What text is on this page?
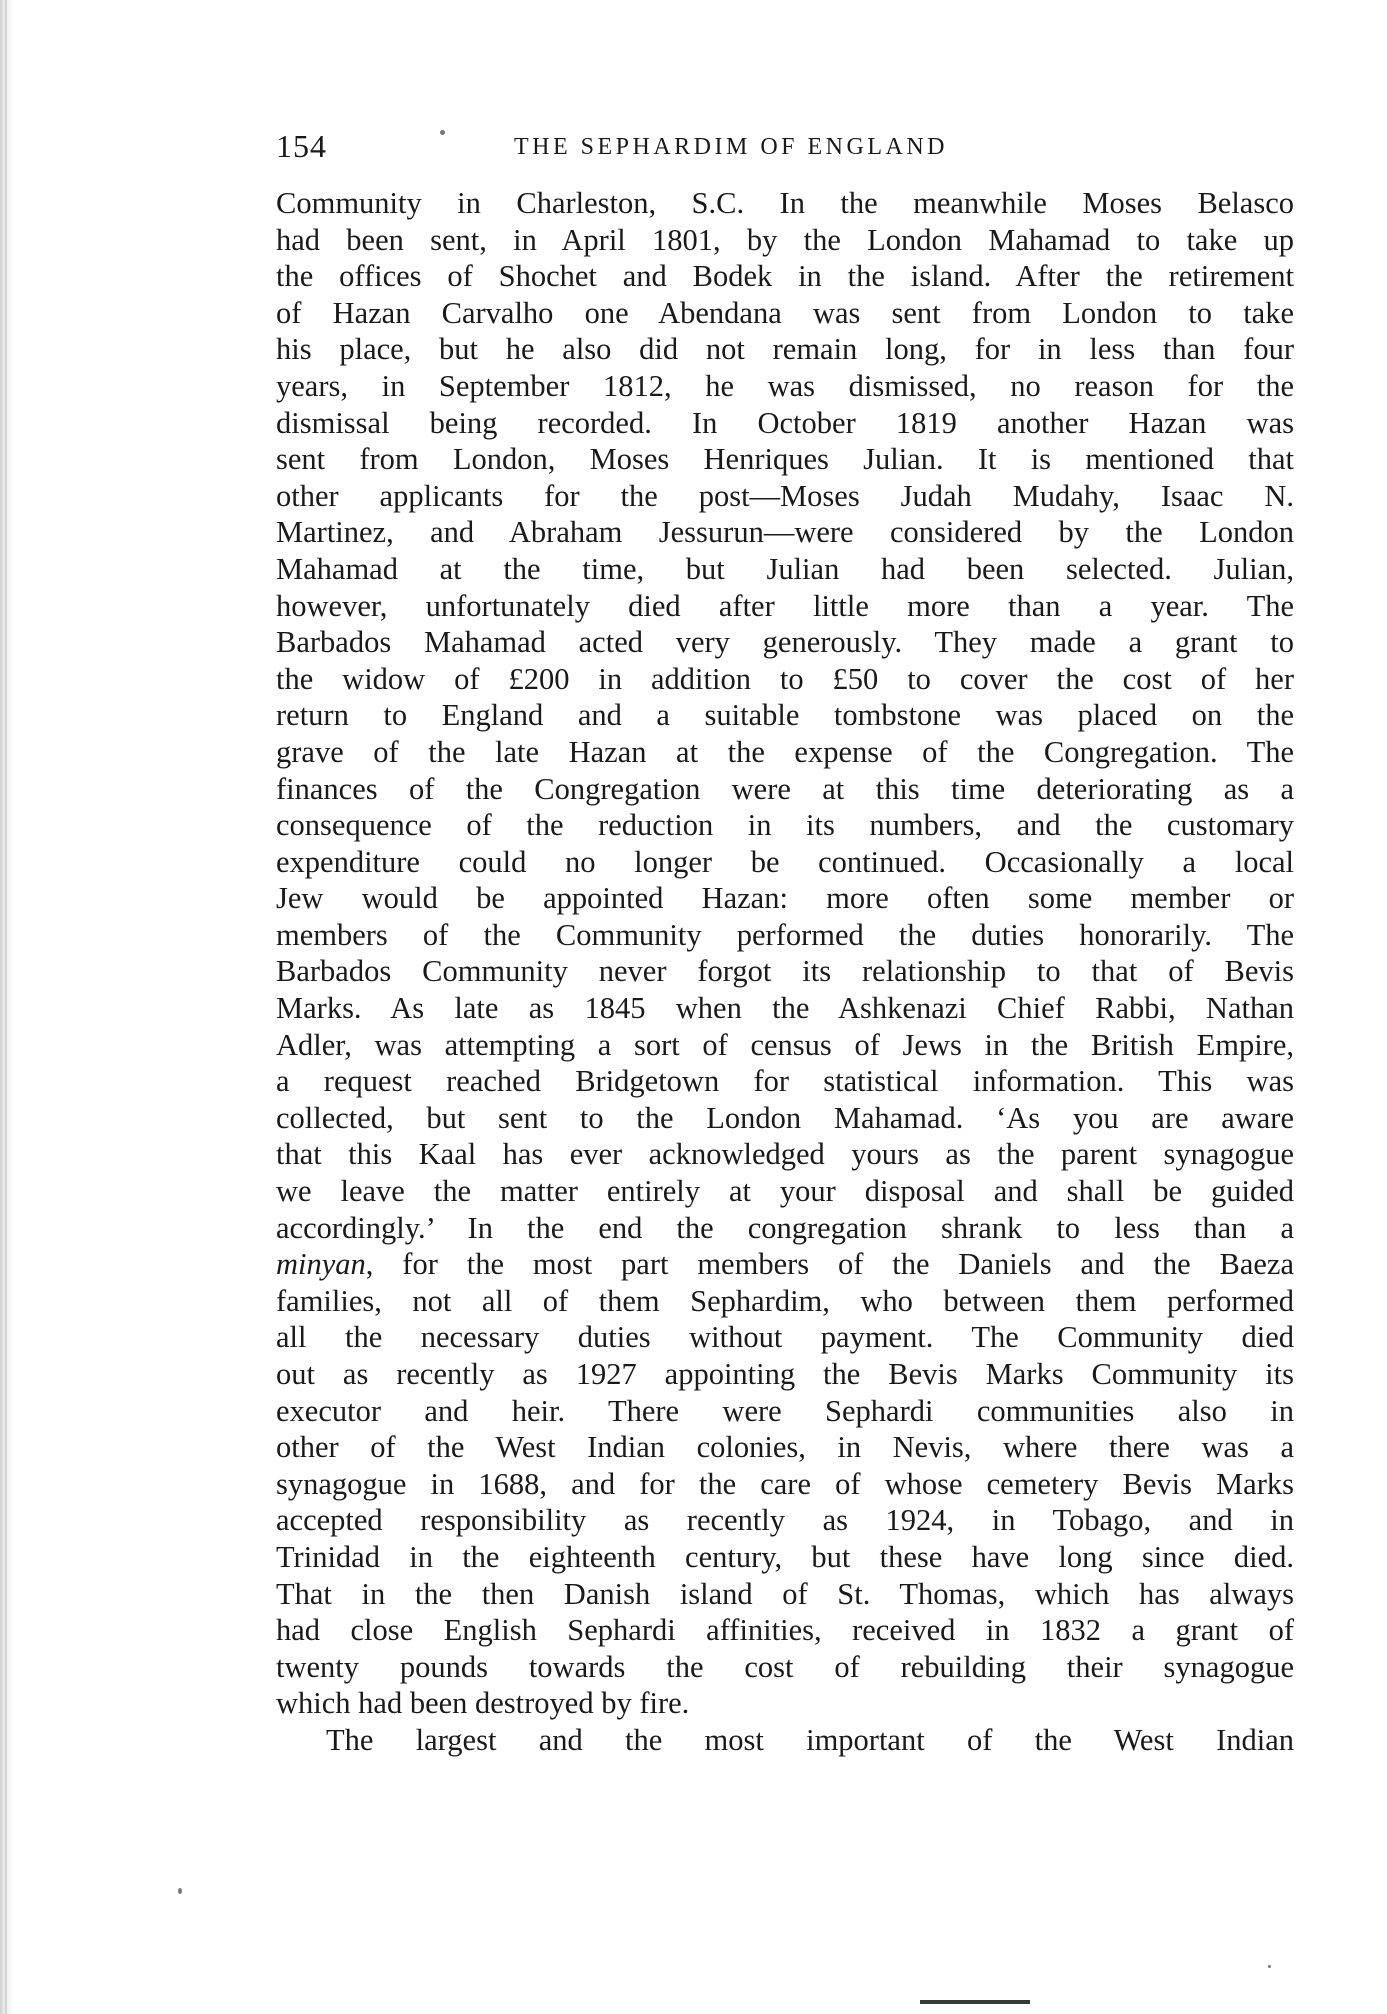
154	THE SEPHARDIM OF ENGLAND
Community in Charleston, S.C. In the meanwhile Moses Belasco
had been sent, in April 1801, by the London Mahamad to take up
the offices of Shochet and Bodek in the island. After the retirement
of Hazan Carvalho one Abendana was sent from London to take
his place, but he also did not remain long, for in less than four
years, in September 1812, he was dismissed, no reason for the
dismissal being recorded. In October 1819 another Hazan was
sent from London, Moses Henriques Julian. It is mentioned that
other applicants for the post—Moses Judah Mudahy, Isaac N.
Martinez, and Abraham Jessurun—were considered by the London
Mahamad at the time, but Julian had been selected. Julian,
however, unfortunately died after little more than a year. The
Barbados Mahamad acted very generously. They made a grant to
the widow of £200 in addition to £50 to cover the cost of her
return to England and a suitable tombstone was placed on the
grave of the late Hazan at the expense of the Congregation. The
finances of the Congregation were at this time deteriorating as a
consequence of the reduction in its numbers, and the customary
expenditure could no longer be continued. Occasionally a local
Jew would be appointed Hazan: more often some member or
members of the Community performed the duties honorarily. The
Barbados Community never forgot its relationship to that of Bevis
Marks. As late as 1845 when the Ashkenazi Chief Rabbi, Nathan
Adler, was attempting a sort of census of Jews in the British Empire,
a request reached Bridgetown for statistical information. This was
collected, but sent to the London Mahamad. ‘As you are aware
that this Kaal has ever acknowledged yours as the parent synagogue
we leave the matter entirely at your disposal and shall be guided
accordingly.’ In the end the congregation shrank to less than a
minyan, for the most part members of the Daniels and the Baeza
families, not all of them Sephardim, who between them performed
all the necessary duties without payment. The Community died
out as recently as 1927 appointing the Bevis Marks Community its
executor and heir. There were Sephardi communities also in
other of the West Indian colonies, in Nevis, where there was a
synagogue in 1688, and for the care of whose cemetery Bevis Marks
accepted responsibility as recently as 1924, in Tobago, and in
Trinidad in the eighteenth century, but these have long since died.
That in the then Danish island of St. Thomas, which has always
had close English Sephardi affinities, received in 1832 a grant of
twenty pounds towards the cost of rebuilding their synagogue
which had been destroyed by fire.
The largest and the most important of the West Indian
